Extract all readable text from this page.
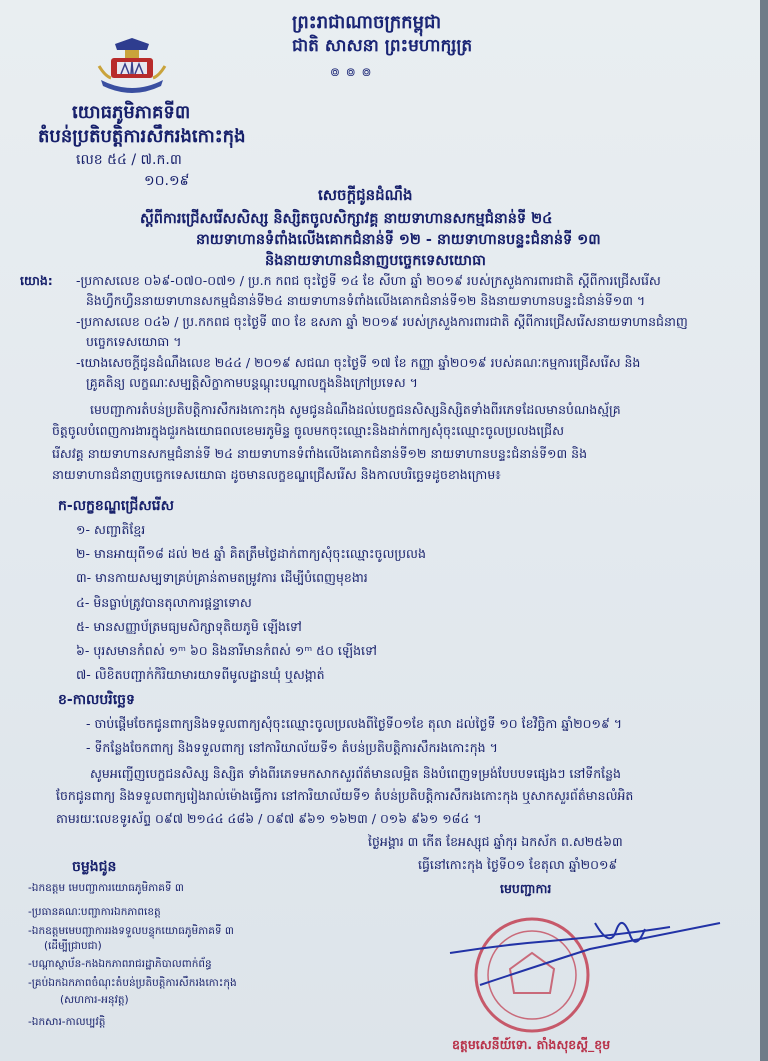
ព្រះរាជាណាចក្រកម្ពុជា
ជាតិ សាសនា ព្រះមហាក្សត្រ
៙ ៙ ៙
យោធភូមិភាគទី៣
តំបន់ប្រតិបត្តិការសឹករងកោះកុង
លេខ ៥៤ / ៧.ក.៣
១០.១៩
សេចក្តីជូនដំណឹង
ស្តីពីការជ្រើសរើសសិស្ស និស្សិតចូលសិក្សាវគ្គ នាយទាហានសកម្មជំនាន់ទី ២៤
នាយទាហានទំពាំងលើងគោកជំនាន់ទី ១២ - នាយទាហានបន្ទះជំនាន់ទី ១៣
និងនាយទាហានជំនាញបច្ចេកទេសយោធា
យោង: -ប្រកាសលេខ ០៦៩-០៧០-០៧១ / ប្រ.ក កពជ ចុះថ្ងៃទី ១៤ ខែ សីហា ឆ្នាំ ២០១៩ របស់ក្រសួងការពារជាតិ ស្តីពីការជ្រើសរើស
និងហ្វឹកហ្វឺននាយទាហានសកម្មជំនាន់ទី២៤ នាយទាហានទំពាំងលើងគោកជំនាន់ទី១២ និងនាយទាហានបន្ទះជំនាន់ទី១៣ ។
-ប្រកាសលេខ ០៤៦ / ប្រ.កកពជ ចុះថ្ងៃទី ៣០ ខែ ឧសភា ឆ្នាំ ២០១៩ របស់ក្រសួងការពារជាតិ ស្តីពីការជ្រើសរើសនាយទាហានជំនាញ
បច្ចេកទេសយោធា ។
-យោងសេចក្តីជូនដំណឹងលេខ ២៤៤ / ២០១៩ សជណ ចុះថ្ងៃទី ១៧ ខែ កញ្ញា ឆ្នាំ២០១៩ របស់គណៈកម្មការជ្រើសរើស និង
គ្រូគតិន្យ លក្ខណៈសម្បត្តិសិក្ខាកាមបន្តណ្ដុះបណ្ដាលក្នុងនិងក្រៅប្រទេស ។
មេបញ្ជាការតំបន់ប្រតិបត្តិការសឹករងកោះកុង សូមជូនដំណឹងដល់បេក្ខជនសិស្សនិស្សិតទាំងពីរភេទដែលមានបំណងស្ម័គ្រ
ចិត្តចូលបំពេញការងារក្នុងជួរកងយោធពលខេមរភូមិន្ទ ចូលមកចុះឈ្មោះនិងដាក់ពាក្យសុំចុះឈ្មោះចូលប្រលងជ្រើស
រើសវគ្គ នាយទាហានសកម្មជំនាន់ទី ២៤ នាយទាហានទំពាំងលើងគោកជំនាន់ទី១២ នាយទាហានបន្ទះជំនាន់ទី១៣ និង
នាយទាហានជំនាញបច្ចេកទេសយោធា ដូចមានលក្ខខណ្ឌជ្រើសរើស និងកាលបរិច្ឆេទដូចខាងក្រោម៖
ក-លក្ខខណ្ឌជ្រើសរើស
១- សញ្ជាតិខ្មែរ
២- មានអាយុពី១៨ ដល់ ២៥ ឆ្នាំ គិតត្រឹមថ្ងៃដាក់ពាក្យសុំចុះឈ្មោះចូលប្រលង
៣- មានកាយសម្បទាគ្រប់គ្រាន់តាមតម្រូវការ ដើម្បីបំពេញមុខងារ
៤- មិនធ្លាប់ត្រូវបានតុលាការផ្តន្ទាទោស
៥- មានសញ្ញាប័ត្រមធ្យមសិក្សាទុតិយភូមិ ឡើងទៅ
៦- បុរសមានកំពស់ ១ᵐ ៦០ និងនារីមានកំពស់ ១ᵐ ៥០ ឡើងទៅ
៧- លិខិតបញ្ជាក់កិរិយាមារយាទពីមូលដ្ឋានឃុំ ឬសង្កាត់
ខ-កាលបរិច្ឆេទ
- ចាប់ផ្តើមចែកជូនពាក្យនិងទទួលពាក្យសុំចុះឈ្មោះចូលប្រលងពីថ្ងៃទី០១ខែ តុលា ដល់ថ្ងៃទី ១០ ខែវិច្ឆិកា ឆ្នាំ២០១៩ ។
- ទីកន្លែងចែកពាក្យ និងទទួលពាក្យ នៅការិយាល័យទី១ តំបន់ប្រតិបត្តិការសឹករងកោះកុង ។
សូមអញ្ជើញបេក្ខជនសិស្ស និស្សិត ទាំងពីរភេទមកសាកសួរព័ត៌មានលម្អិត និងបំពេញទម្រង់បែបបទផ្សេងៗ នៅទីកន្លែង
ចែកជូនពាក្យ និងទទួលពាក្យរៀងរាល់ម៉ោងធ្វើការ នៅការិយាល័យទី១ តំបន់ប្រតិបត្តិការសឹករងកោះកុង ឬសាកសួរព័ត៌មានលំអិត
តាមរយៈលេខទូរស័ព្ទ ០៩៧ ២១៤៤ ៤៨៦ / ០៩៧ ៩៦១ ១៦២៣ / ០១៦ ៩៦១ ១៨៤ ។
ថ្ងៃអង្គារ ៣ កើត ខែអស្សុជ ឆ្នាំកុរ ឯកស័ក ព.ស២៥៦៣
ធ្វើនៅកោះកុង ថ្ងៃទី០១ ខែតុលា ឆ្នាំ២០១៩
មេបញ្ជាការ
ឧត្តមសេនីយ៍ទោ. តាំងសុខស្តី_ខុម
ចម្លងជូន
-ឯកឧត្តម មេបញ្ជាការយោធភូមិភាគទី ៣
-ប្រធានគណៈបញ្ជាការឯកភាពខេត្ត
-ឯកឧត្តមមេបញ្ជាការរងទទួលបន្ទុកយោធភូមិភាគទី ៣
(ដើម្បីជ្រាបជា)
-បណ្តាស្ថាប័ន-កងឯកភាពរាជរដ្ឋាភិបាលពាក់ព័ន្ធ
-គ្រប់ឯកឯកភាពចំណុះតំបន់ប្រតិបត្តិការសឹករងកោះកុង
(សហការ-អនុវត្ត)
-ឯកសារ-កាលប្បវត្តិ
